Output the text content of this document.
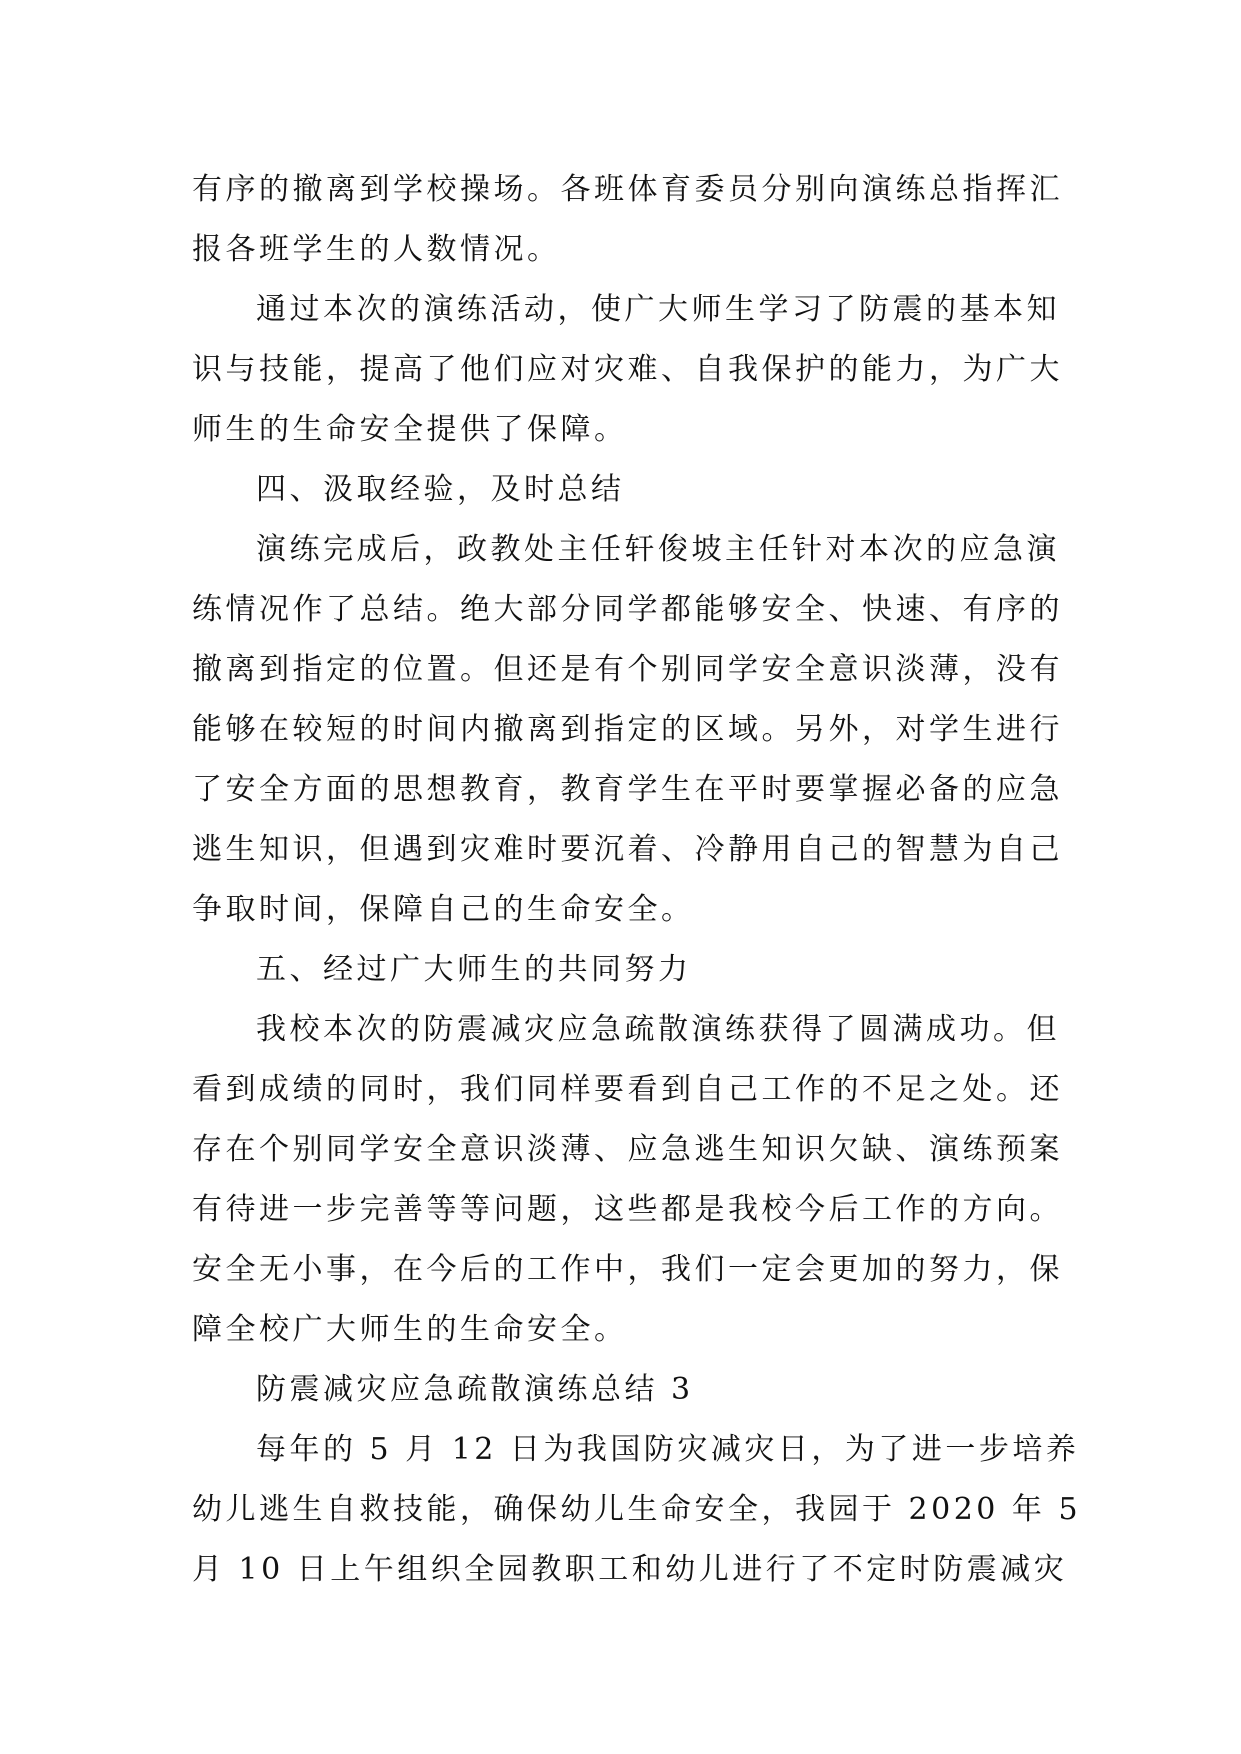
有序的撤离到学校操场。各班体育委员分别向演练总指挥汇
报各班学生的人数情况。
通过本次的演练活动，使广大师生学习了防震的基本知
识与技能，提高了他们应对灾难、自我保护的能力，为广大
师生的生命安全提供了保障。
四、汲取经验，及时总结
演练完成后，政教处主任轩俊坡主任针对本次的应急演
练情况作了总结。绝大部分同学都能够安全、快速、有序的
撤离到指定的位置。但还是有个别同学安全意识淡薄，没有
能够在较短的时间内撤离到指定的区域。另外，对学生进行
了安全方面的思想教育，教育学生在平时要掌握必备的应急
逃生知识，但遇到灾难时要沉着、冷静用自己的智慧为自己
争取时间，保障自己的生命安全。
五、经过广大师生的共同努力
我校本次的防震减灾应急疏散演练获得了圆满成功。但
看到成绩的同时，我们同样要看到自己工作的不足之处。还
存在个别同学安全意识淡薄、应急逃生知识欠缺、演练预案
有待进一步完善等等问题，这些都是我校今后工作的方向。
安全无小事，在今后的工作中，我们一定会更加的努力，保
障全校广大师生的生命安全。
防震减灾应急疏散演练总结 3
每年的 5 月 12 日为我国防灾减灾日，为了进一步培养
幼儿逃生自救技能，确保幼儿生命安全，我园于 2020 年 5
月 10 日上午组织全园教职工和幼儿进行了不定时防震减灾
